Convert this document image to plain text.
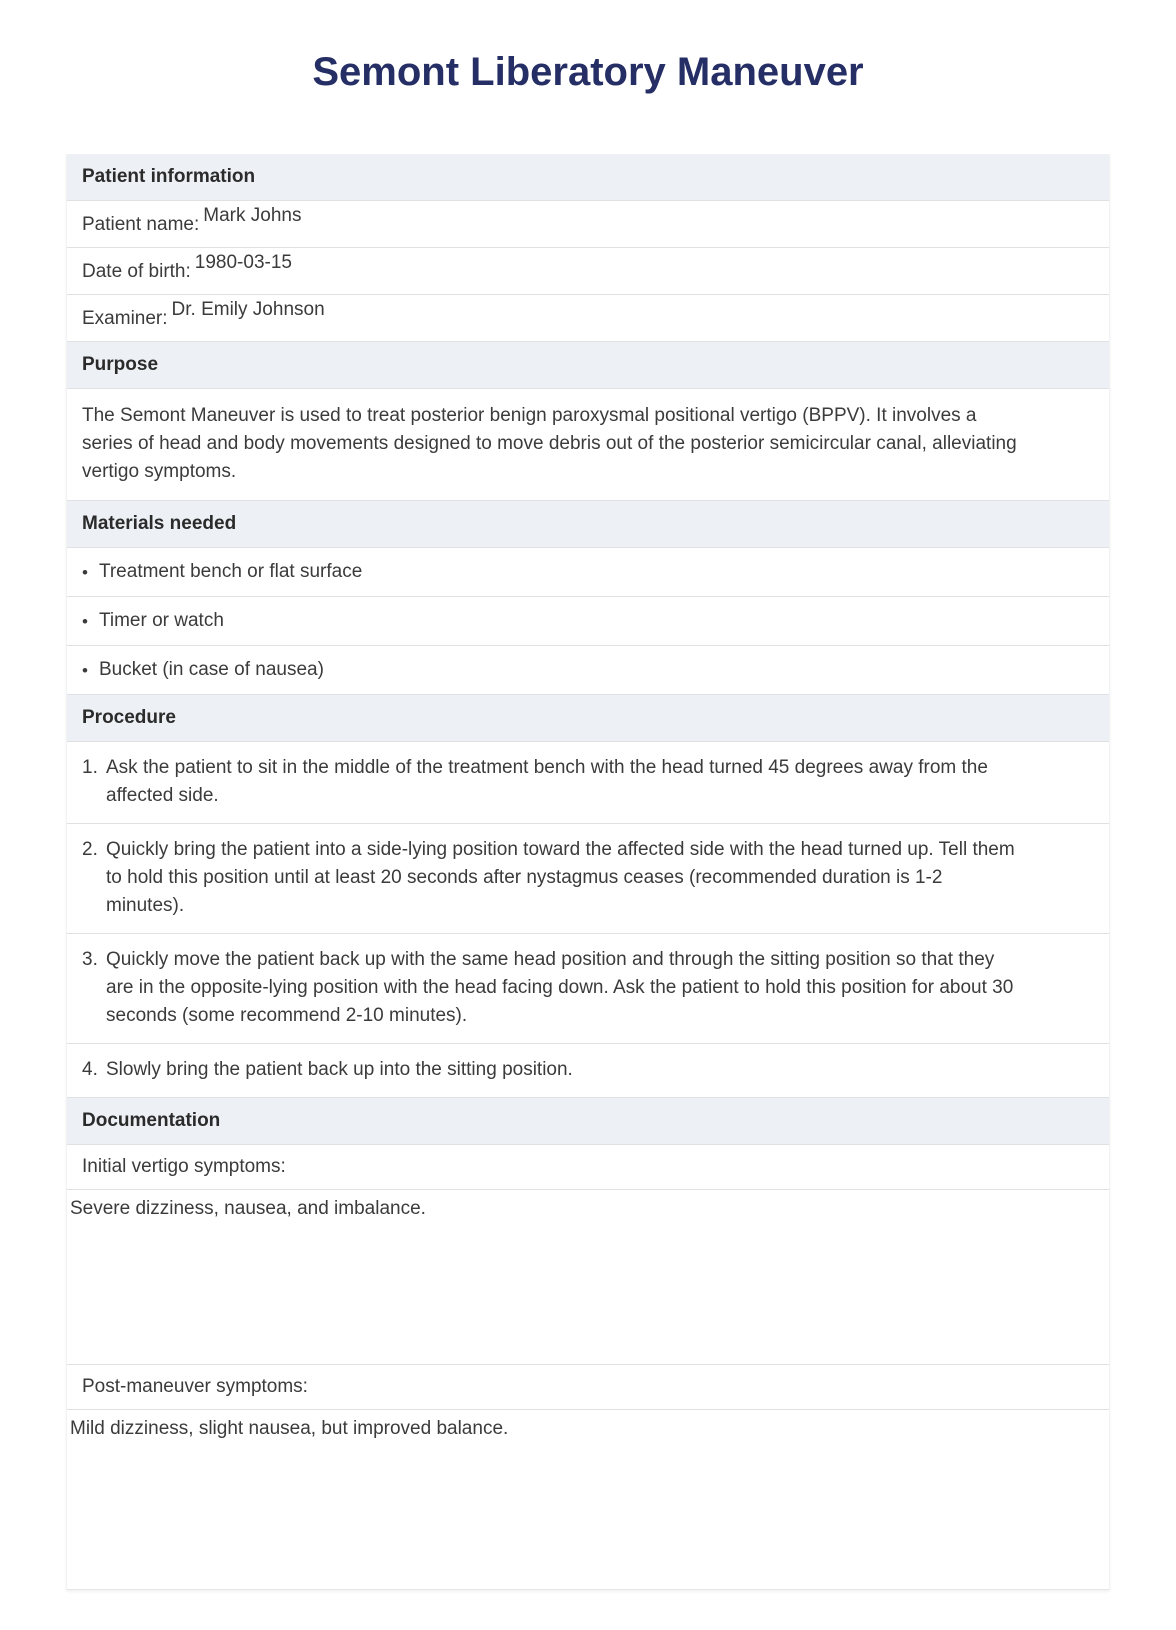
Semont Liberatory Maneuver
Patient information
Patient name: Mark Johns
Date of birth: 1980-03-15
Examiner: Dr. Emily Johnson
Purpose

The Semont Maneuver is used to treat posterior benign paroxysmal positional vertigo (BPPV). It involves a series of head and body movements designed to move debris out of the posterior semicircular canal, alleviating vertigo symptoms.

Materials needed
• Treatment bench or flat surface
• Timer or watch
• Bucket (in case of nausea)
Procedure
1. Ask the patient to sit in the middle of the treatment bench with the head turned 45 degrees away from the affected side.
2. Quickly bring the patient into a side-lying position toward the affected side with the head turned up. Tell them to hold this position until at least 20 seconds after nystagmus ceases (recommended duration is 1-2 minutes).
3. Quickly move the patient back up with the same head position and through the sitting position so that they are in the opposite-lying position with the head facing down. Ask the patient to hold this position for about 30 seconds (some recommend 2-10 minutes).
4. Slowly bring the patient back up into the sitting position.
Documentation
Initial vertigo symptoms:
Severe dizziness, nausea, and imbalance.
Post-maneuver symptoms:
Mild dizziness, slight nausea, but improved balance.
